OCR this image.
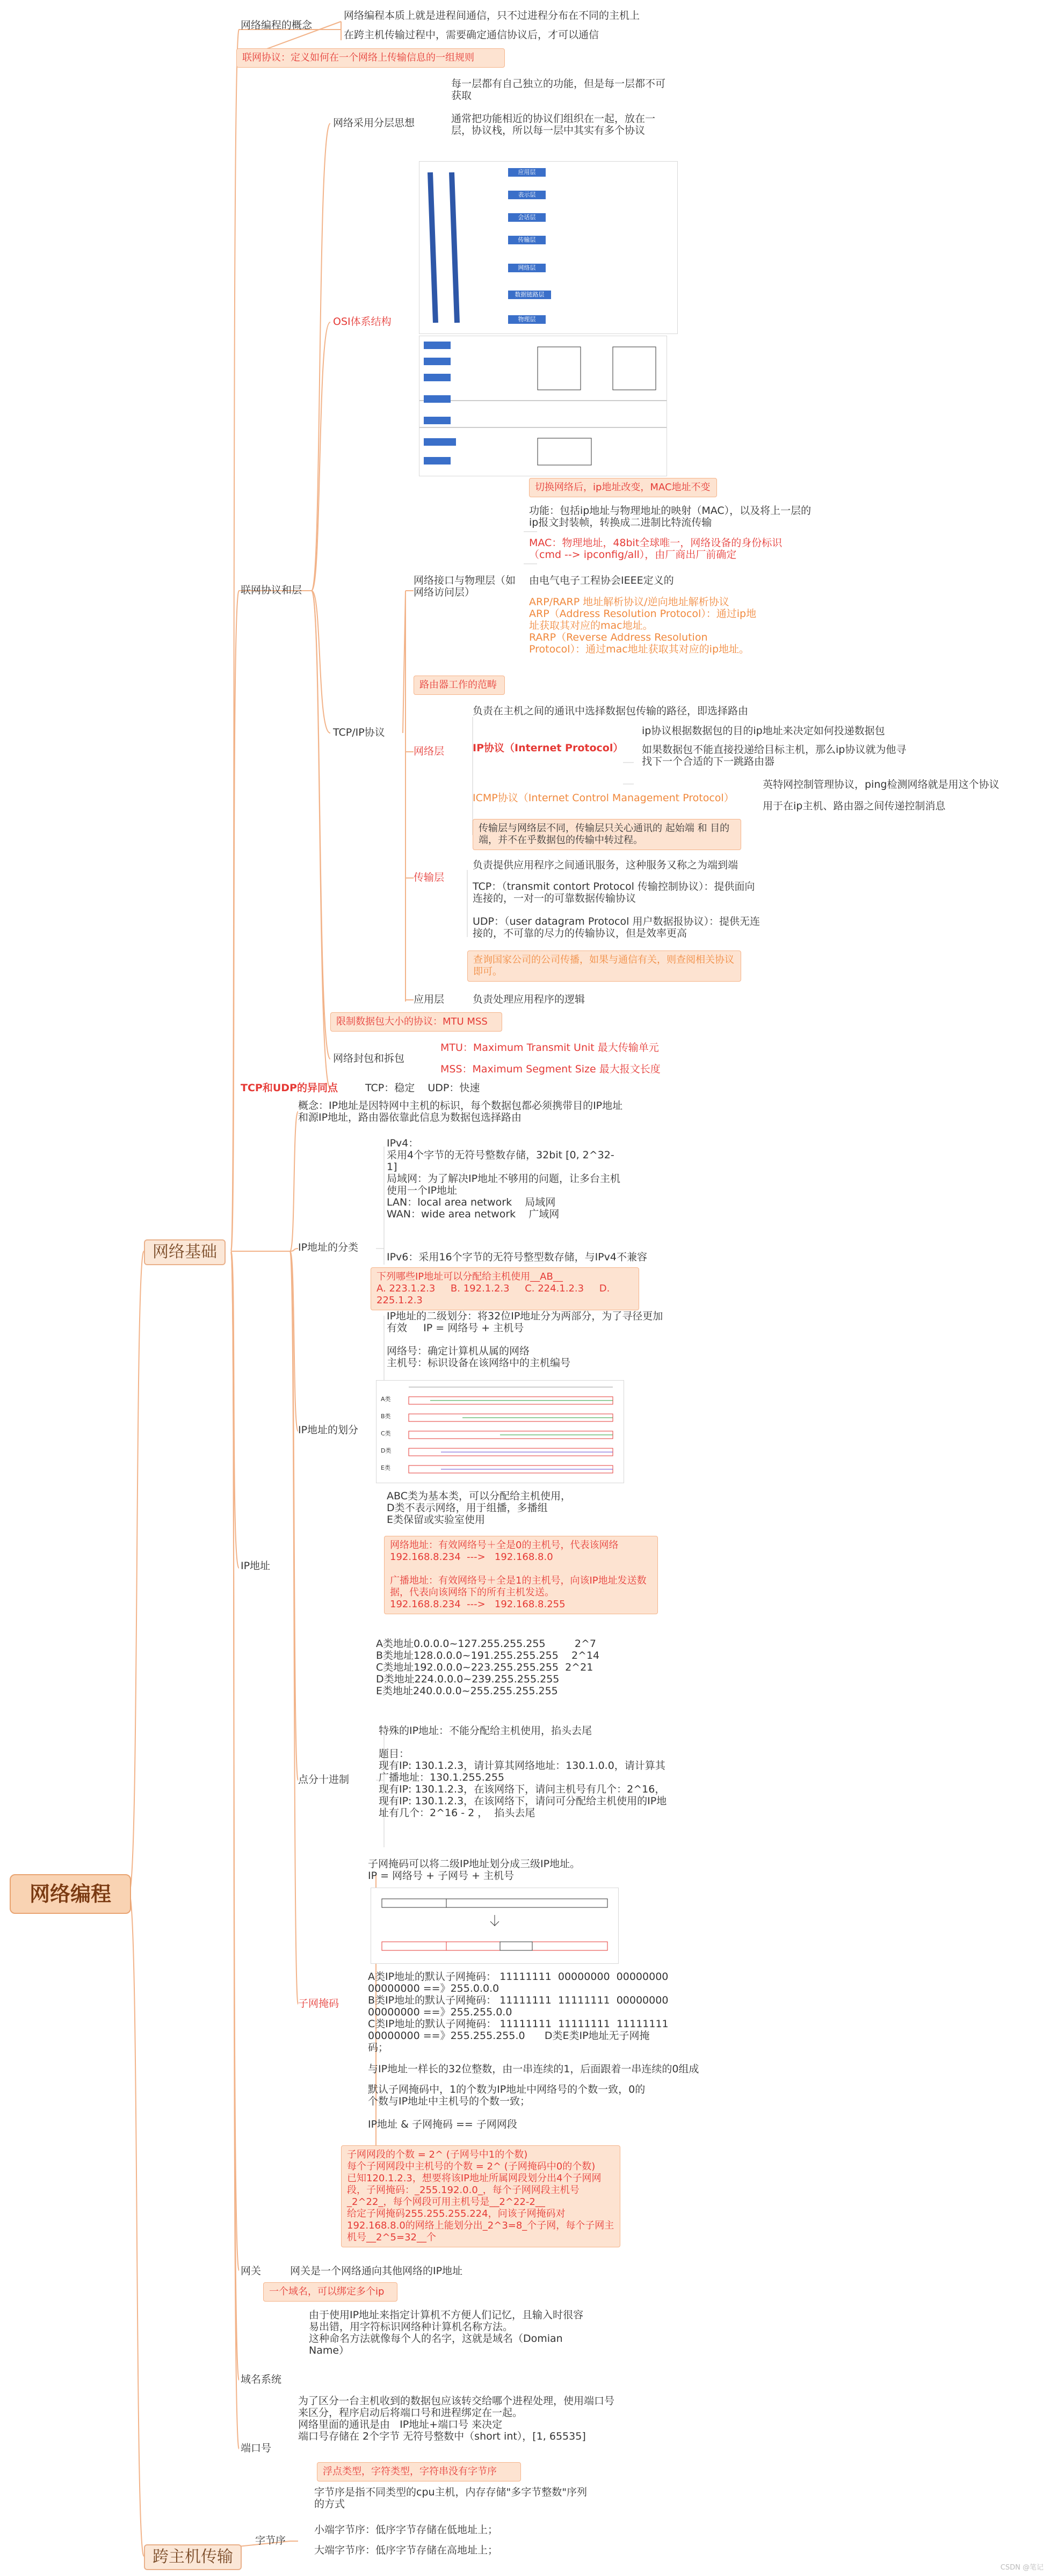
网络编程
网络基础
跨主机传输
网络编程的概念
网络编程本质上就是进程间通信，只不过进程分布在不同的主机上
在跨主机传输过程中，需要确定通信协议后，才可以通信
联网协议：定义如何在一个网络上传输信息的一组规则
联网协议和层
网络采用分层思想
每一层都有自己独立的功能，但是每一层都不可获取
通常把功能相近的协议们组织在一起，放在一层，协议栈，所以每一层中其实有多个协议
OSI体系结构
应用层
表示层
会话层
传输层
网络层
数据链路层
物理层
TCP/IP协议
切换网络后，ip地址改变，MAC地址不变
网络接口与物理层（如网络访问层）
功能：包括ip地址与物理地址的映射（MAC），以及将上一层的ip报文封装帧，转换成二进制比特流传输
MAC：物理地址，48bit全球唯一，网络设备的身份标识（cmd --> ipconfig/all），由厂商出厂前确定
由电气电子工程协会IEEE定义的
ARP/RARP 地址解析协议/逆向地址解析协议
ARP（Address Resolution Protocol）：通过ip地址获取其对应的mac地址。
RARP（Reverse Address Resolution Protocol）：通过mac地址获取其对应的ip地址。
路由器工作的范畴
网络层
负责在主机之间的通讯中选择数据包传输的路径，即选择路由
IP协议（Internet Protocol）
ip协议根据数据包的目的ip地址来决定如何投递数据包
如果数据包不能直接投递给目标主机，那么ip协议就为他寻找下一个合适的下一跳路由器
ICMP协议（Internet Control Management Protocol）
英特网控制管理协议，ping检测网络就是用这个协议
用于在ip主机、路由器之间传递控制消息
传输层与网络层不同，传输层只关心通讯的 起始端 和 目的端，并不在乎数据包的传输中转过程。
传输层
负责提供应用程序之间通讯服务，这种服务又称之为端到端
TCP：（transmit contort Protocol 传输控制协议）：提供面向连接的，一对一的可靠数据传输协议
UDP：（user datagram Protocol 用户数据报协议）：提供无连接的，不可靠的尽力的传输协议，但是效率更高
查询国家公司的公司传播，如果与通信有关，则查阅相关协议即可。
应用层	负责处理应用程序的逻辑
限制数据包大小的协议：MTU MSS
网络封包和拆包
MTU：Maximum Transmit Unit 最大传输单元
MSS：Maximum Segment Size 最大报文长度
TCP和UDP的异同点	TCP：稳定    UDP：快速
IP地址
概念：IP地址是因特网中主机的标识，每个数据包都必须携带目的IP地址和源IP地址，路由器依靠此信息为数据包选择路由
IP地址的分类
IPv4：
采用4个字节的无符号整数存储，32bit [0, 2^32-1]
局域网：为了解决IP地址不够用的问题，让多台主机使用一个IP地址
LAN：local area network    局域网
WAN：wide area network    广域网
IPv6：采用16个字节的无符号整型数存储，与IPv4不兼容
下列哪些IP地址可以分配给主机使用__AB__
A. 223.1.2.3     B. 192.1.2.3     C. 224.1.2.3     D. 225.1.2.3
IP地址的划分
IP地址的二级划分：将32位IP地址分为两部分，为了寻径更加有效     IP = 网络号 + 主机号
网络号：确定计算机从属的网络
主机号：标识设备在该网络中的主机编号
A类
B类
C类
D类
E类
ABC类为基本类，可以分配给主机使用，
D类不表示网络，用于组播，多播组
E类保留或实验室使用
网络地址：有效网络号＋全是0的主机号，代表该网络
192.168.8.234  --->   192.168.8.0

广播地址：有效网络号＋全是1的主机号，向该IP地址发送数据，代表向该网络下的所有主机发送。
192.168.8.234  --->   192.168.8.255
A类地址0.0.0.0~127.255.255.255         2^7
B类地址128.0.0.0~191.255.255.255    2^14
C类地址192.0.0.0~223.255.255.255  2^21
D类地址224.0.0.0~239.255.255.255
E类地址240.0.0.0~255.255.255.255
点分十进制
特殊的IP地址：不能分配给主机使用，掐头去尾
题目：
现有IP: 130.1.2.3，请计算其网络地址：130.1.0.0，请计算其广播地址：130.1.255.255
现有IP: 130.1.2.3，在该网络下，请问主机号有几个：2^16，
现有IP: 130.1.2.3，在该网络下，请问可分配给主机使用的IP地址有几个：2^16 - 2 ，  掐头去尾
子网掩码
子网掩码可以将二级IP地址划分成三级IP地址。
IP = 网络号 + 子网号 + 主机号
A类IP地址的默认子网掩码： 11111111  00000000  00000000  00000000 ==》255.0.0.0
B类IP地址的默认子网掩码： 11111111  11111111  00000000  00000000 ==》255.255.0.0
C类IP地址的默认子网掩码： 11111111  11111111  11111111  00000000 ==》255.255.255.0      D类E类IP地址无子网掩码；
与IP地址一样长的32位整数，由一串连续的1，后面跟着一串连续的0组成
默认子网掩码中，1的个数为IP地址中网络号的个数一致，0的个数与IP地址中主机号的个数一致；
IP地址 & 子网掩码 == 子网网段
子网网段的个数 = 2^ (子网号中1的个数)
每个子网网段中主机号的个数 = 2^ (子网掩码中0的个数)
已知120.1.2.3，想要将该IP地址所属网段划分出4个子网网段，子网掩码：_255.192.0.0_，每个子网网段主机号_2^22_，每个网段可用主机号是__2^22-2__
给定子网掩码255.255.255.224，问该子网掩码对192.168.8.0的网络上能划分出_2^3=8_个子网，每个子网主机号__2^5=32__个
网关	网关是一个网络通向其他网络的IP地址
一个域名，可以绑定多个ip
域名系统
由于使用IP地址来指定计算机不方便人们记忆，且输入时很容易出错，用字符标识网络种计算机名称方法。
这种命名方法就像每个人的名字，这就是域名（Domian Name）
端口号
为了区分一台主机收到的数据包应该转交给哪个进程处理，使用端口号来区分，程序启动后将端口号和进程绑定在一起。
网络里面的通讯是由   IP地址+端口号 来决定
端口号存储在 2个字节 无符号整数中（short int），[1, 65535]
浮点类型，字符类型，字符串没有字节序
字节序
字节序是指不同类型的cpu主机，内存存储"多字节整数"序列的方式
小端字节序：低序字节存储在低地址上；
大端字节序：低序字节存储在高地址上；
CSDN @笔记
